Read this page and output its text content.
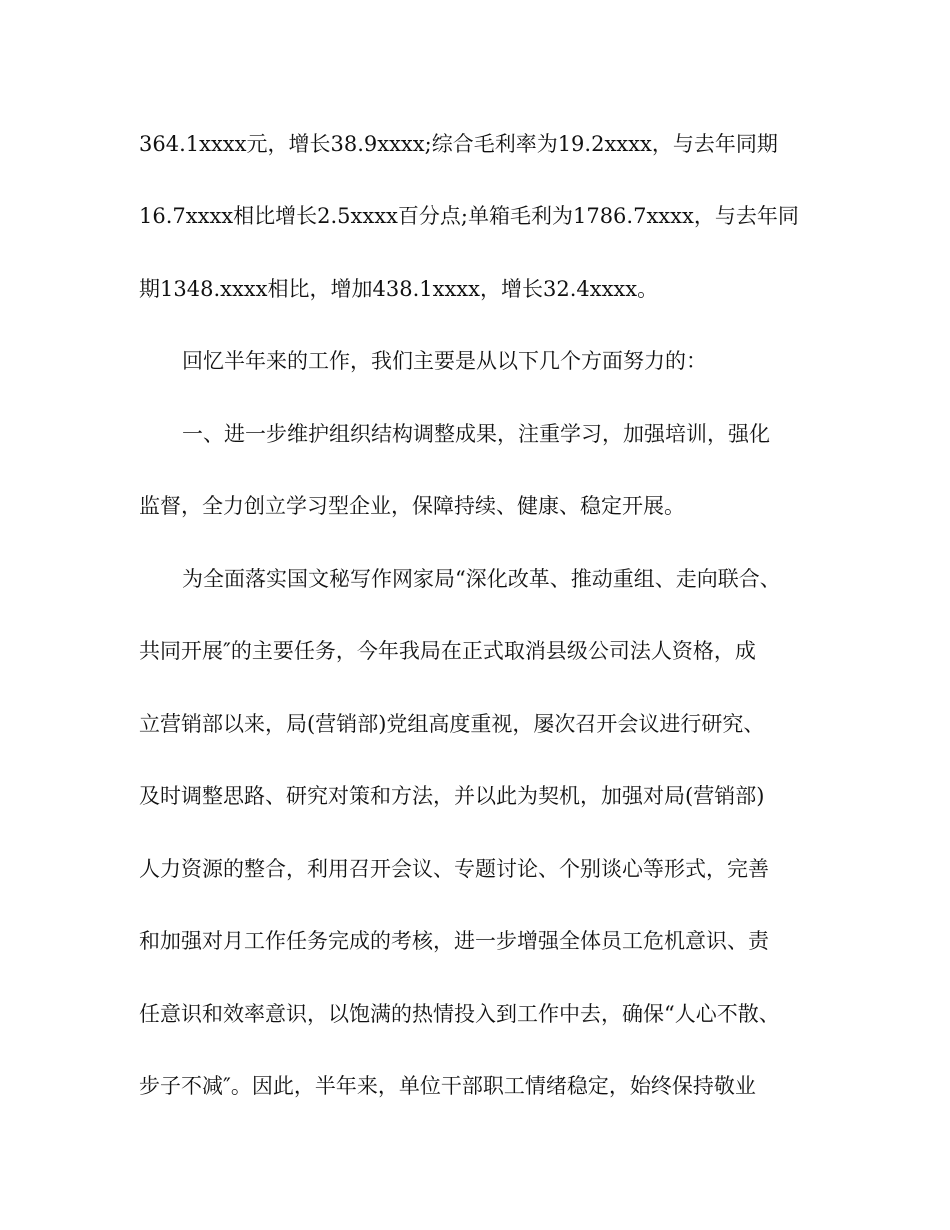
364.1xxxx元，增长38.9xxxx;综合毛利率为19.2xxxx，与去年同期

16.7xxxx相比增长2.5xxxx百分点;单箱毛利为1786.7xxxx，与去年同

期1348.xxxx相比，增加438.1xxxx，增长32.4xxxx。

回忆半年来的工作，我们主要是从以下几个方面努力的：

一、进一步维护组织结构调整成果，注重学习，加强培训，强化

监督，全力创立学习型企业，保障持续、健康、稳定开展。

为全面落实国文秘写作网家局“深化改革、推动重组、走向联合、

共同开展″的主要任务，今年我局在正式取消县级公司法人资格，成

立营销部以来，局(营销部)党组高度重视，屡次召开会议进行研究、

及时调整思路、研究对策和方法，并以此为契机，加强对局(营销部)

人力资源的整合，利用召开会议、专题讨论、个别谈心等形式，完善

和加强对月工作任务完成的考核，进一步增强全体员工危机意识、责

任意识和效率意识，以饱满的热情投入到工作中去，确保“人心不散、

步子不减″。因此，半年来，单位干部职工情绪稳定，始终保持敬业
